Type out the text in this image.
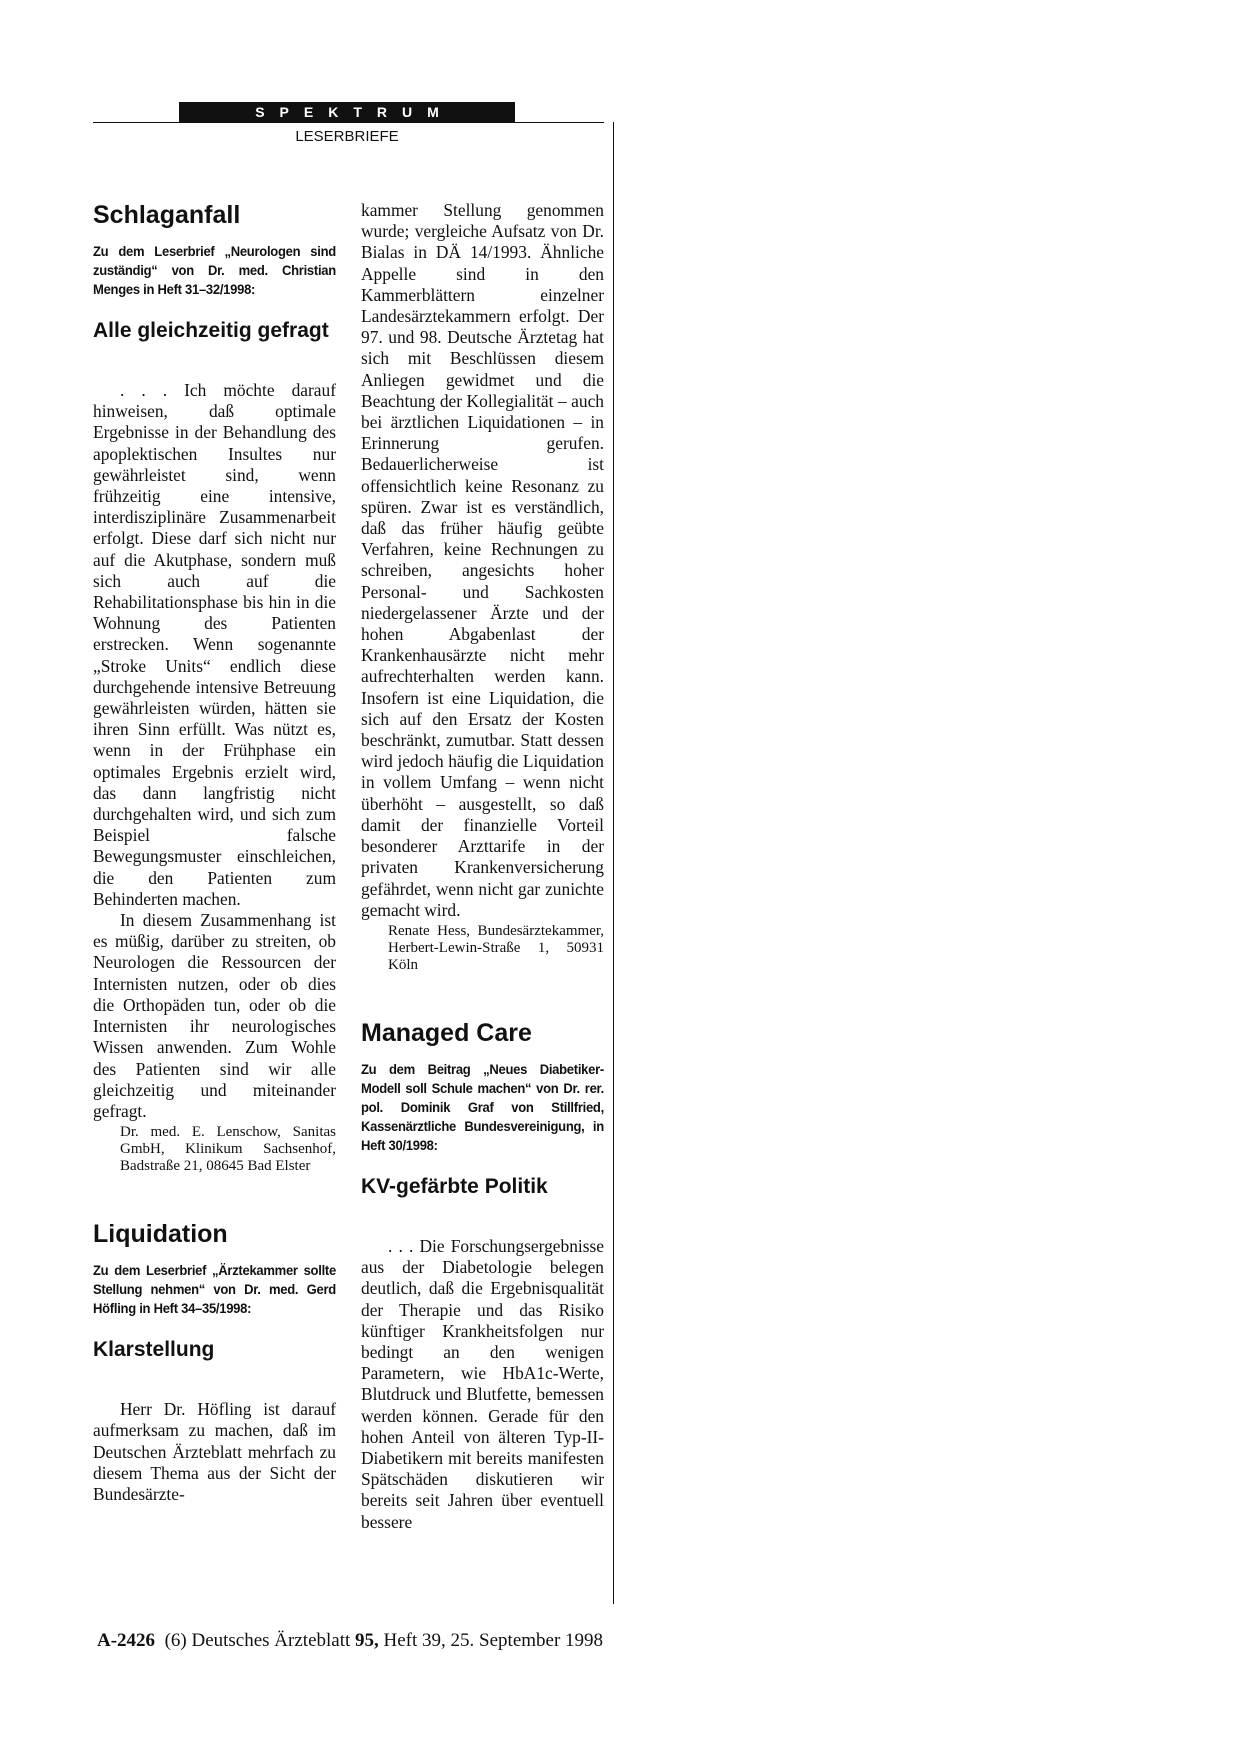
SPEKTRUM
LESERBRIEFE
Schlaganfall

Zu dem Leserbrief „Neurologen sind zuständig“ von Dr. med. Christian Menges in Heft 31–32/1998:

Alle gleichzeitig gefragt

. . . Ich möchte darauf hinweisen, daß optimale Ergebnisse in der Behandlung des apoplektischen Insultes nur gewährleistet sind, wenn frühzeitig eine intensive, interdisziplinäre Zusammenarbeit erfolgt. Diese darf sich nicht nur auf die Akutphase, sondern muß sich auch auf die Rehabilitationsphase bis hin in die Wohnung des Patienten erstrecken. Wenn sogenannte „Stroke Units“ endlich diese durchgehende intensive Betreuung gewährleisten würden, hätten sie ihren Sinn erfüllt. Was nützt es, wenn in der Frühphase ein optimales Ergebnis erzielt wird, das dann langfristig nicht durchgehalten wird, und sich zum Beispiel falsche Bewegungsmuster einschleichen, die den Patienten zum Behinderten machen.

In diesem Zusammenhang ist es müßig, darüber zu streiten, ob Neurologen die Ressourcen der Internisten nutzen, oder ob dies die Orthopäden tun, oder ob die Internisten ihr neurologisches Wissen anwenden. Zum Wohle des Patienten sind wir alle gleichzeitig und miteinander gefragt.

Dr. med. E. Lenschow, Sanitas GmbH, Klinikum Sachsenhof, Badstraße 21, 08645 Bad Elster

Liquidation

Zu dem Leserbrief „Ärztekammer sollte Stellung nehmen“ von Dr. med. Gerd Höfling in Heft 34–35/1998:

Klarstellung

Herr Dr. Höfling ist darauf aufmerksam zu machen, daß im Deutschen Ärzteblatt mehrfach zu diesem Thema aus der Sicht der Bundesärzte-

kammer Stellung genommen wurde; vergleiche Aufsatz von Dr. Bialas in DÄ 14/1993. Ähnliche Appelle sind in den Kammerblättern einzelner Landesärztekammern erfolgt. Der 97. und 98. Deutsche Ärztetag hat sich mit Beschlüssen diesem Anliegen gewidmet und die Beachtung der Kollegialität – auch bei ärztlichen Liquidationen – in Erinnerung gerufen. Bedauerlicherweise ist offensichtlich keine Resonanz zu spüren. Zwar ist es verständlich, daß das früher häufig geübte Verfahren, keine Rechnungen zu schreiben, angesichts hoher Personal- und Sachkosten niedergelassener Ärzte und der hohen Abgabenlast der Krankenhausärzte nicht mehr aufrechterhalten werden kann. Insofern ist eine Liquidation, die sich auf den Ersatz der Kosten beschränkt, zumutbar. Statt dessen wird jedoch häufig die Liquidation in vollem Umfang – wenn nicht überhöht – ausgestellt, so daß damit der finanzielle Vorteil besonderer Arzttarife in der privaten Krankenversicherung gefährdet, wenn nicht gar zunichte gemacht wird.

Renate Hess, Bundesärztekammer, Herbert-Lewin-Straße 1, 50931 Köln

Managed Care

Zu dem Beitrag „Neues Diabetiker-Modell soll Schule machen“ von Dr. rer. pol. Dominik Graf von Stillfried, Kassenärztliche Bundesvereinigung, in Heft 30/1998:

KV-gefärbte Politik

. . . Die Forschungsergebnisse aus der Diabetologie belegen deutlich, daß die Ergebnisqualität der Therapie und das Risiko künftiger Krankheitsfolgen nur bedingt an den wenigen Parametern, wie HbA1c-Werte, Blutdruck und Blutfette, bemessen werden können. Gerade für den hohen Anteil von älteren Typ-II-Diabetikern mit bereits manifesten Spätschäden diskutieren wir bereits seit Jahren über eventuell bessere

A-2426 (6) Deutsches Ärzteblatt 95, Heft 39, 25. September 1998
